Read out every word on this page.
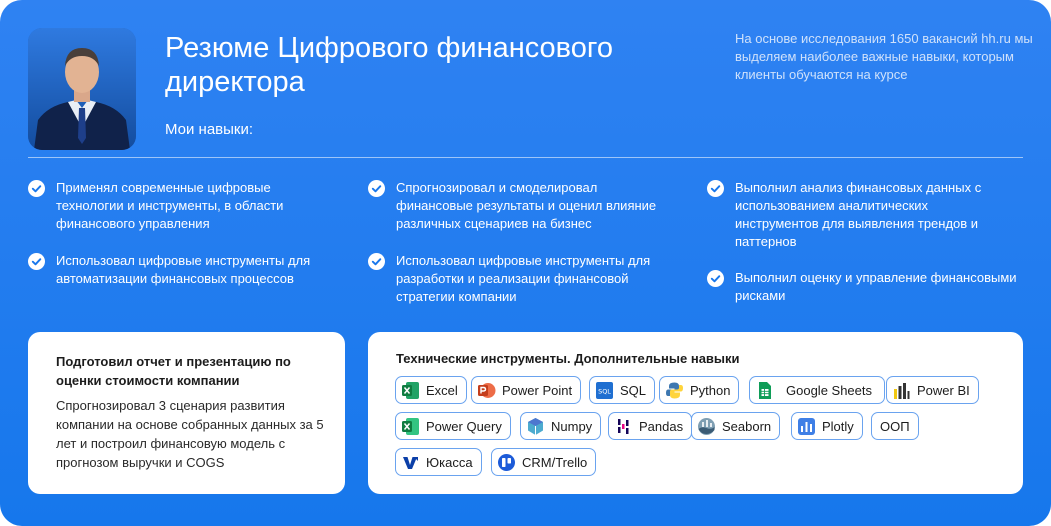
Резюме Цифрового финансового директора
Мои навыки:
На основе исследования 1650 вакансий hh.ru мы выделяем наиболее важные навыки, которым клиенты обучаются на курсе
Применял современные цифровые технологии и инструменты, в области финансового управления
Использовал цифровые инструменты для автоматизации финансовых процессов
Спрогнозировал и смоделировал финансовые результаты и оценил влияние различных сценариев на бизнес
Использовал цифровые инструменты для разработки и реализации финансовой стратегии компании
Выполнил анализ финансовых данных с использованием аналитических инструментов для выявления трендов и паттернов
Выполнил оценку и управление финансовыми рисками
Подготовил отчет и презентацию по оценки стоимости компании
Спрогнозировал 3 сценария развития компании на основе собранных данных за 5 лет и построил финансовую модель с прогнозом выручки и COGS
Технические инструменты. Дополнительные навыки
Excel	Power Point	SQL SQL	Python	Google Sheets	Power BI
Power Query	Numpy	Pandas	Seaborn	Plotly ООП
Юкасса	CRM/Trello
